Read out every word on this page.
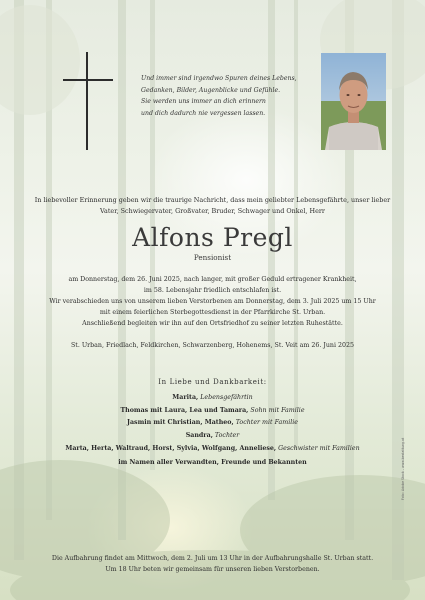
Und immer sind irgendwo Spuren deines Lebens,
Gedanken, Bilder, Augenblicke und Gefühle.
Sie werden uns immer an dich erinnern
und dich dadurch nie vergessen lassen.
In liebevoller Erinnerung geben wir die traurige Nachricht, dass mein geliebter Lebensgefährte, unser lieber
Vater, Schwiegervater, Großvater, Bruder, Schwager und Onkel, Herr
Alfons Pregl
Pensionist
am Donnerstag, dem 26. Juni 2025, nach langer, mit großer Geduld ertragener Krankheit,
im 58. Lebensjahr friedlich entschlafen ist.
Wir verabschieden uns von unserem lieben Verstorbenen am Donnerstag, dem 3. Juli 2025 um 15 Uhr
mit einem feierlichen Sterbegottesdienst in der Pfarrkirche St. Urban.
Anschließend begleiten wir ihn auf den Ortsfriedhof zu seiner letzten Ruhestätte.
St. Urban, Friedlach, Feldkirchen, Schwarzenberg, Hohenems, St. Veit am 26. Juni 2025
In Liebe und Dankbarkeit:
Marita, Lebensgefährtin
Thomas mit Laura, Lea und Tamara, Sohn mit Familie
Jasmin mit Christian, Matheo, Tochter mit Familie
Sandra, Tochter
Marta, Herta, Waltraud, Horst, Sylvia, Wolfgang, Anneliese, Geschwister mit Familien
im Namen aller Verwandten, Freunde und Bekannten
Die Aufbahrung findet am Mittwoch, dem 2. Juli um 13 Uhr in der Aufbahrungshalle St. Urban statt.
Um 18 Uhr beten wir gemeinsam für unseren lieben Verstorbenen.
Foto: Adobe Stock - www.bestattung.at
